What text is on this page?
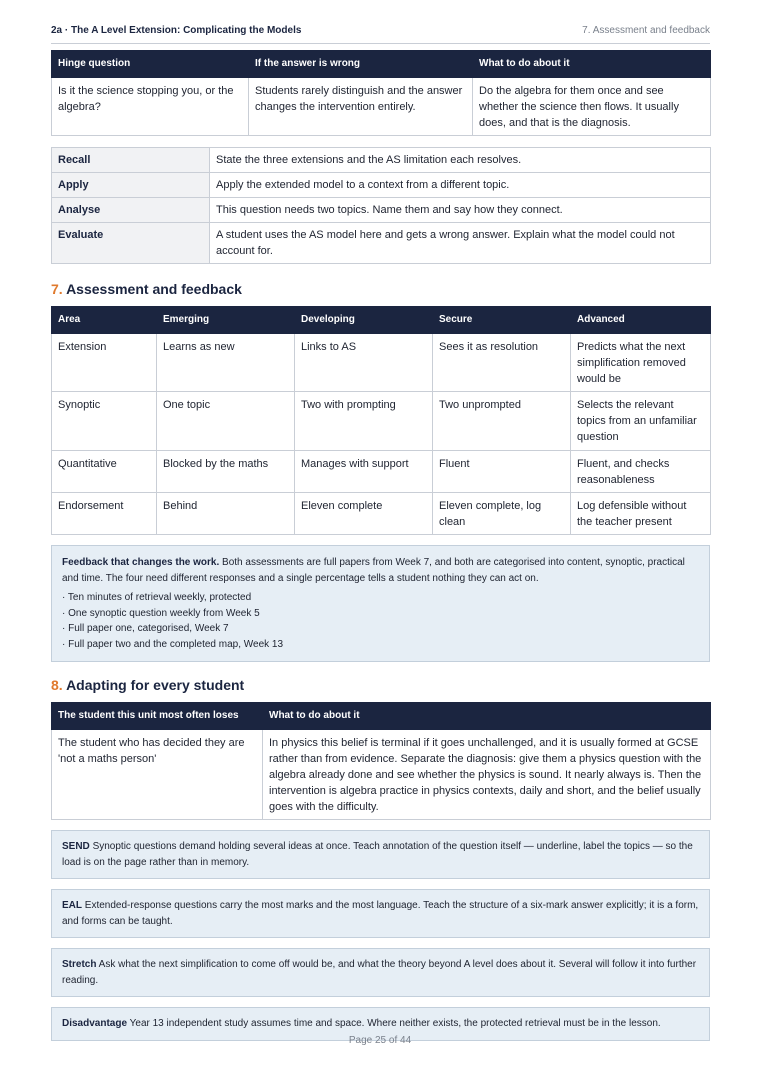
2a · The A Level Extension: Complicating the Models	7. Assessment and feedback
Hinge question	If the answer is wrong	What to do about it
Is it the science stopping you, or the algebra?	Students rarely distinguish and the answer changes the intervention entirely.	Do the algebra for them once and see whether the science then flows. It usually does, and that is the diagnosis.
Recall	State the three extensions and the AS limitation each resolves.
Apply	Apply the extended model to a context from a different topic.
Analyse	This question needs two topics. Name them and say how they connect.
Evaluate	A student uses the AS model here and gets a wrong answer. Explain what the model could not account for.
7. Assessment and feedback
Area	Emerging	Developing	Secure	Advanced
Extension	Learns as new	Links to AS	Sees it as resolution	Predicts what the next simplification removed would be
Synoptic	One topic	Two with prompting	Two unprompted	Selects the relevant topics from an unfamiliar question
Quantitative	Blocked by the maths	Manages with support	Fluent	Fluent, and checks reasonableness
Endorsement	Behind	Eleven complete	Eleven complete, log clean	Log defensible without the teacher present

Feedback that changes the work. Both assessments are full papers from Week 7, and both are categorised into content, synoptic, practical and time. The four need different responses and a single percentage tells a student nothing they can act on.

· Ten minutes of retrieval weekly, protected
· One synoptic question weekly from Week 5
· Full paper one, categorised, Week 7
· Full paper two and the completed map, Week 13
8. Adapting for every student
The student this unit most often loses	What to do about it
The student who has decided they are 'not a maths person'	In physics this belief is terminal if it goes unchallenged, and it is usually formed at GCSE rather than from evidence. Separate the diagnosis: give them a physics question with the algebra already done and see whether the physics is sound. It nearly always is. Then the intervention is algebra practice in physics contexts, daily and short, and the belief usually goes with the difficulty.
SEND Synoptic questions demand holding several ideas at once. Teach annotation of the question itself — underline, label the topics — so the load is on the page rather than in memory.
EAL Extended-response questions carry the most marks and the most language. Teach the structure of a six-mark answer explicitly; it is a form, and forms can be taught.
Stretch Ask what the next simplification to come off would be, and what the theory beyond A level does about it. Several will follow it into further reading.
Disadvantage Year 13 independent study assumes time and space. Where neither exists, the protected retrieval must be in the lesson.
Page 25 of 44
